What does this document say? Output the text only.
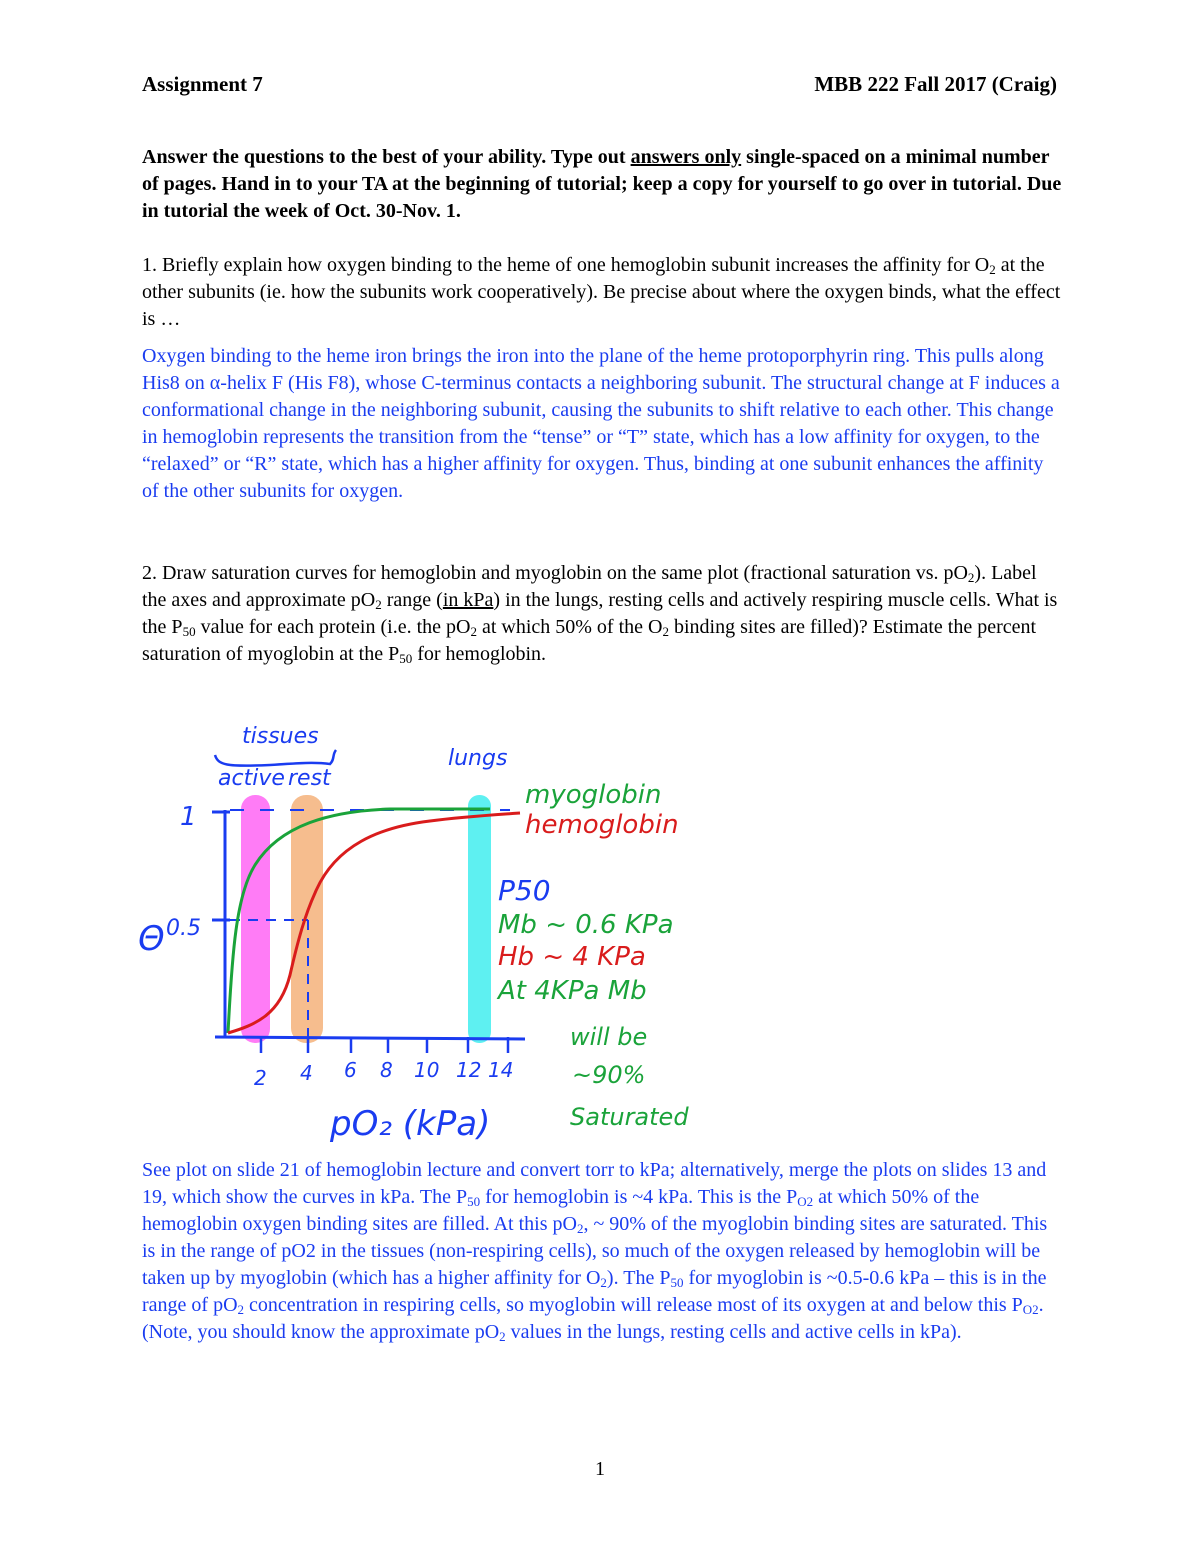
Assignment 7	MBB 222 Fall 2017 (Craig)
Answer the questions to the best of your ability. Type out answers only single-spaced on a minimal number of pages. Hand in to your TA at the beginning of tutorial; keep a copy for yourself to go over in tutorial. Due in tutorial the week of Oct. 30-Nov. 1.
1. Briefly explain how oxygen binding to the heme of one hemoglobin subunit increases the affinity for $O_2$ at the other subunits (ie. how the subunits work cooperatively). Be precise about where the oxygen binds, what the effect is …
Oxygen binding to the heme iron brings the iron into the plane of the heme protoporphyrin ring. This pulls along His8 on α-helix F (His F8), whose C-terminus contacts a neighboring subunit. The structural change at F induces a conformational change in the neighboring subunit, causing the subunits to shift relative to each other. This change in hemoglobin represents the transition from the “tense” or “T” state, which has a low affinity for oxygen, to the “relaxed” or “R” state, which has a higher affinity for oxygen. Thus, binding at one subunit enhances the affinity of the other subunits for oxygen.
2. Draw saturation curves for hemoglobin and myoglobin on the same plot (fractional saturation vs. $pO_2$). Label the axes and approximate $pO_2$ range (in kPa) in the lungs, resting cells and actively respiring muscle cells. What is the $P_{50}$ value for each protein (i.e. the $pO_2$ at which 50% of the $O_2$ binding sites are filled)? Estimate the percent saturation of myoglobin at the $P_{50}$ for hemoglobin.
tissues
active rest
lungs
myoglobin
hemoglobin
1
Θ 0.5
2 4 6 8 10 12 14
pO₂ (kPa)
P50
Mb ~ 0.6 KPa
Hb ~ 4 KPa
At 4KPa Mb
will be
~90%
Saturated
See plot on slide 21 of hemoglobin lecture and convert torr to kPa; alternatively, merge the plots on slides 13 and 19, which show the curves in kPa. The $P_{50}$ for hemoglobin is ~4 kPa. This is the $P_{O2}$ at which 50% of the hemoglobin oxygen binding sites are filled. At this $pO_2$, ~ 90% of the myoglobin binding sites are saturated. This is in the range of pO2 in the tissues (non-respiring cells), so much of the oxygen released by hemoglobin will be taken up by myoglobin (which has a higher affinity for $O_2$). The $P_{50}$ for myoglobin is ~0.5-0.6 kPa – this is in the range of $pO_2$ concentration in respiring cells, so myoglobin will release most of its oxygen at and below this $P_{O2}$. (Note, you should know the approximate $pO_2$ values in the lungs, resting cells and active cells in kPa).
1
